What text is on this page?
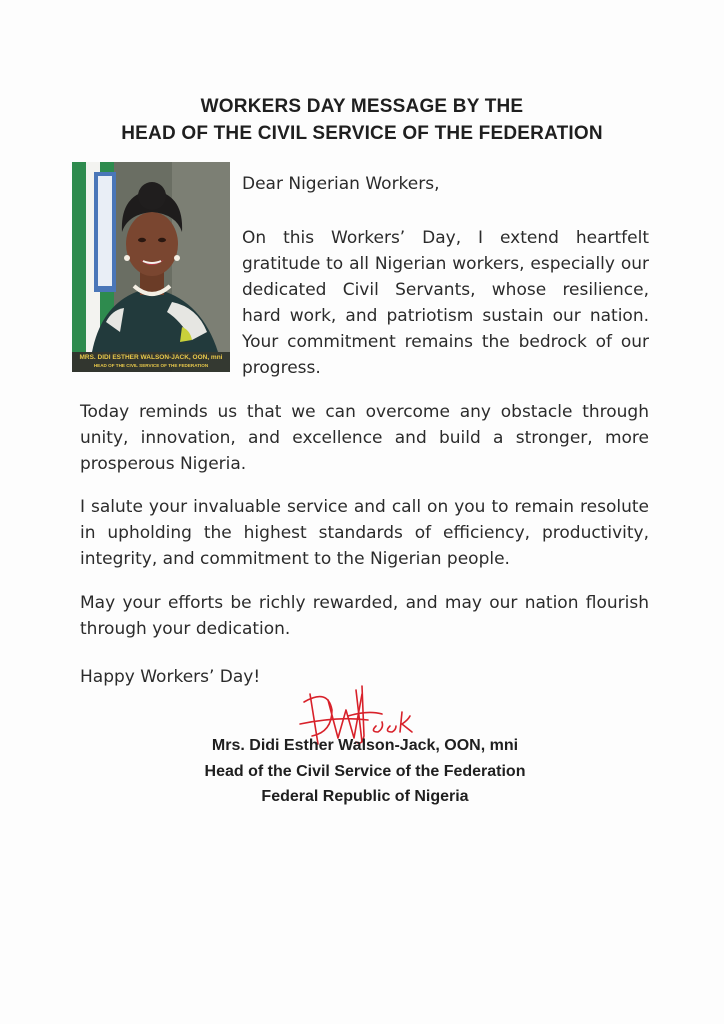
WORKERS DAY MESSAGE BY THE
HEAD OF THE CIVIL SERVICE OF THE FEDERATION
MRS. DIDI ESTHER WALSON-JACK, OON, mni
HEAD OF THE CIVIL SERVICE OF THE FEDERATION

Dear Nigerian Workers,

On this Workers’ Day, I extend heartfelt gratitude to all Nigerian workers, especially our dedicated Civil Servants, whose resilience, hard work, and patriotism sustain our nation. Your commitment remains the bedrock of our progress.

Today reminds us that we can overcome any obstacle through unity, innovation, and excellence and build a stronger, more prosperous Nigeria.

I salute your invaluable service and call on you to remain resolute in upholding the highest standards of efficiency, productivity, integrity, and commitment to the Nigerian people.

May your efforts be richly rewarded, and may our nation flourish through your dedication.

Happy Workers’ Day!
Mrs. Didi Esther Walson-Jack, OON, mni
Head of the Civil Service of the Federation
Federal Republic of Nigeria
